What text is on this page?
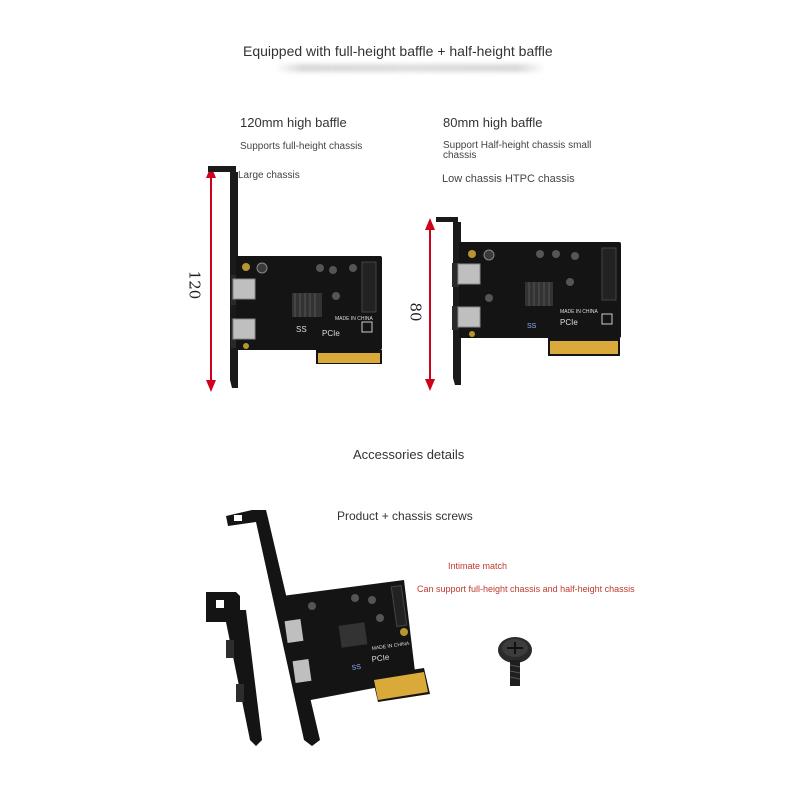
Equipped with full-height baffle + half-height baffle
120mm high baffle
Supports full-height chassis
Large chassis
120
80mm high baffle
Support Half-height chassis small chassis
Low chassis HTPC chassis
80
MADE IN CHINA
PCIe
SS
MADE IN CHINA
PCIe
SS
Accessories details
Product + chassis screws
Intimate match
Can support full-height chassis and half-height chassis
MADE IN CHINA
PCIe
SS
